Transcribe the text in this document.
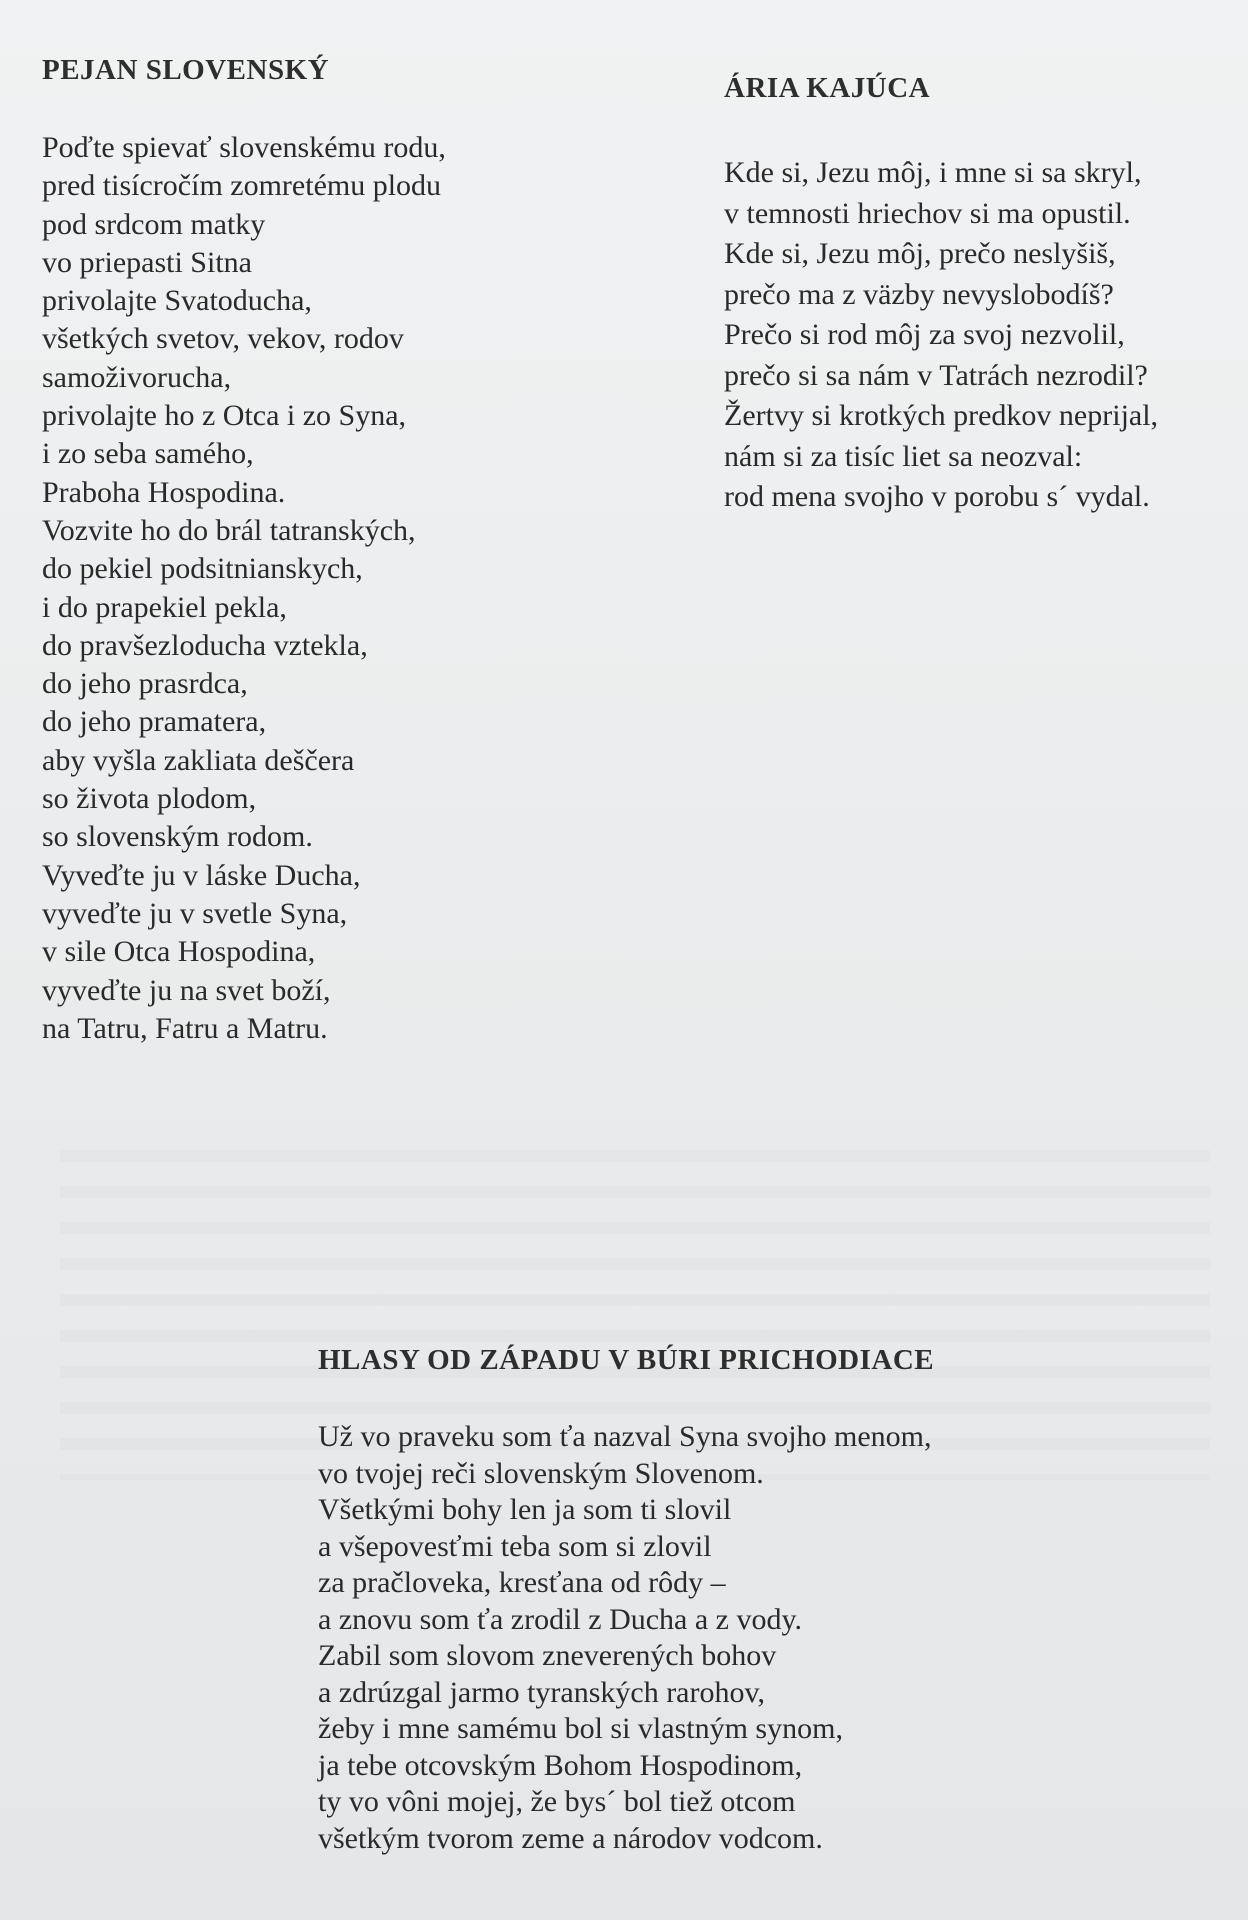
PEJAN SLOVENSKÝ
Poďte spievať slovenskému rodu,
pred tisícročím zomretému plodu
pod srdcom matky
vo priepasti Sitna
privolajte Svatoducha,
všetkých svetov, vekov, rodov
samoživorucha,
privolajte ho z Otca i zo Syna,
i zo seba samého,
Praboha Hospodina.
Vozvite ho do brál tatranských,
do pekiel podsitnianskych,
i do prapekiel pekla,
do pravšezloducha vztekla,
do jeho prasrdca,
do jeho pramatera,
aby vyšla zakliata deščera
so života plodom,
so slovenským rodom.
Vyveďte ju v láske Ducha,
vyveďte ju v svetle Syna,
v sile Otca Hospodina,
vyveďte ju na svet boží,
na Tatru, Fatru a Matru.
ÁRIA KAJÚCA
Kde si, Jezu môj, i mne si sa skryl,
v temnosti hriechov si ma opustil.
Kde si, Jezu môj, prečo neslyšiš,
prečo ma z väzby nevyslobodíš?
Prečo si rod môj za svoj nezvolil,
prečo si sa nám v Tatrách nezrodil?
Žertvy si krotkých predkov neprijal,
nám si za tisíc liet sa neozval:
rod mena svojho v porobu s´ vydal.
HLASY OD ZÁPADU V BÚRI PRICHODIACE
Už vo praveku som ťa nazval Syna svojho menom,
vo tvojej reči slovenským Slovenom.
Všetkými bohy len ja som ti slovil
a všepovesťmi teba som si zlovil
za pračloveka, kresťana od rôdy –
a znovu som ťa zrodil z Ducha a z vody.
Zabil som slovom zneverených bohov
a zdrúzgal jarmo tyranských rarohov,
žeby i mne samému bol si vlastným synom,
ja tebe otcovským Bohom Hospodinom,
ty vo vôni mojej, že bys´ bol tiež otcom
všetkým tvorom zeme a národov vodcom.
